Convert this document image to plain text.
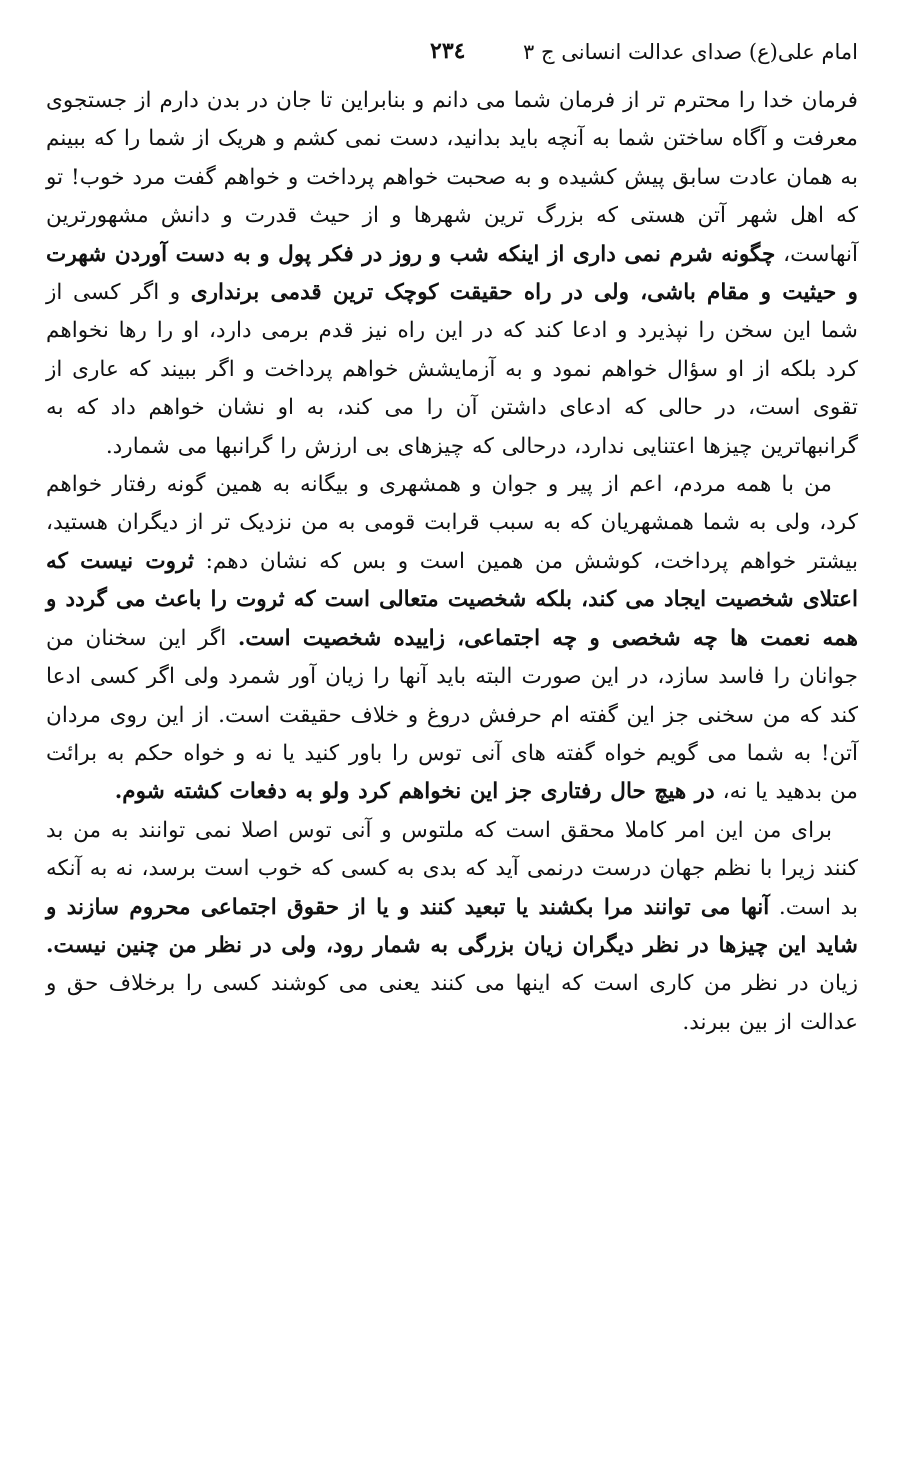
امام علی(ع) صدای عدالت انسانی ج ۳
۲۳٤

فرمان خدا را محترم تر از فرمان شما می دانم و بنابراین تا جان در بدن دارم از جستجوی معرفت و آگاه ساختن شما به آنچه باید بدانید، دست نمی کشم و هریک از شما را که ببینم به همان عادت سابق پیش کشیده و به صحبت خواهم پرداخت و خواهم گفت مرد خوب! تو که اهل شهر آتن هستی که بزرگ ترین شهرها و از حیث قدرت و دانش مشهورترین آنهاست، چگونه شرم نمی داری از اینکه شب و روز در فکر پول و به دست آوردن شهرت و حیثیت و مقام باشی، ولی در راه حقیقت کوچک ترین قدمی برنداری و اگر کسی از شما این سخن را نپذیرد و ادعا کند که در این راه نیز قدم برمی دارد، او را رها نخواهم کرد بلکه از او سؤال خواهم نمود و به آزمایشش خواهم پرداخت و اگر ببیند که عاری از تقوی است، در حالی که ادعای داشتن آن را می کند، به او نشان خواهم داد که به گرانبهاترین چیزها اعتنایی ندارد، درحالی که چیزهای بی ارزش را گرانبها می شمارد.

من با همه مردم، اعم از پیر و جوان و همشهری و بیگانه به همین گونه رفتار خواهم کرد، ولی به شما همشهریان که به سبب قرابت قومی به من نزدیک تر از دیگران هستید، بیشتر خواهم پرداخت، کوشش من همین است و بس که نشان دهم: ثروت نیست که اعتلای شخصیت ایجاد می کند، بلکه شخصیت متعالی است که ثروت را باعث می گردد و همه نعمت ها چه شخصی و چه اجتماعی، زاییده شخصیت است. اگر این سخنان من جوانان را فاسد سازد، در این صورت البته باید آنها را زیان آور شمرد ولی اگر کسی ادعا کند که من سخنی جز این گفته ام حرفش دروغ و خلاف حقیقت است. از این روی مردان آتن! به شما می گویم خواه گفته های آنی توس را باور کنید یا نه و خواه حکم به برائت من بدهید یا نه، در هیچ حال رفتاری جز این نخواهم کرد ولو به دفعات کشته شوم.

برای من این امر کاملا محقق است که ملتوس و آنی توس اصلا نمی توانند به من بد کنند زیرا با نظم جهان درست درنمی آید که بدی به کسی که خوب است برسد، نه به آنکه بد است. آنها می توانند مرا بکشند یا تبعید کنند و یا از حقوق اجتماعی محروم سازند و شاید این چیزها در نظر دیگران زیان بزرگی به شمار رود، ولی در نظر من چنین نیست. زیان در نظر من کاری است که اینها می کنند یعنی می کوشند کسی را برخلاف حق و عدالت از بین ببرند.
